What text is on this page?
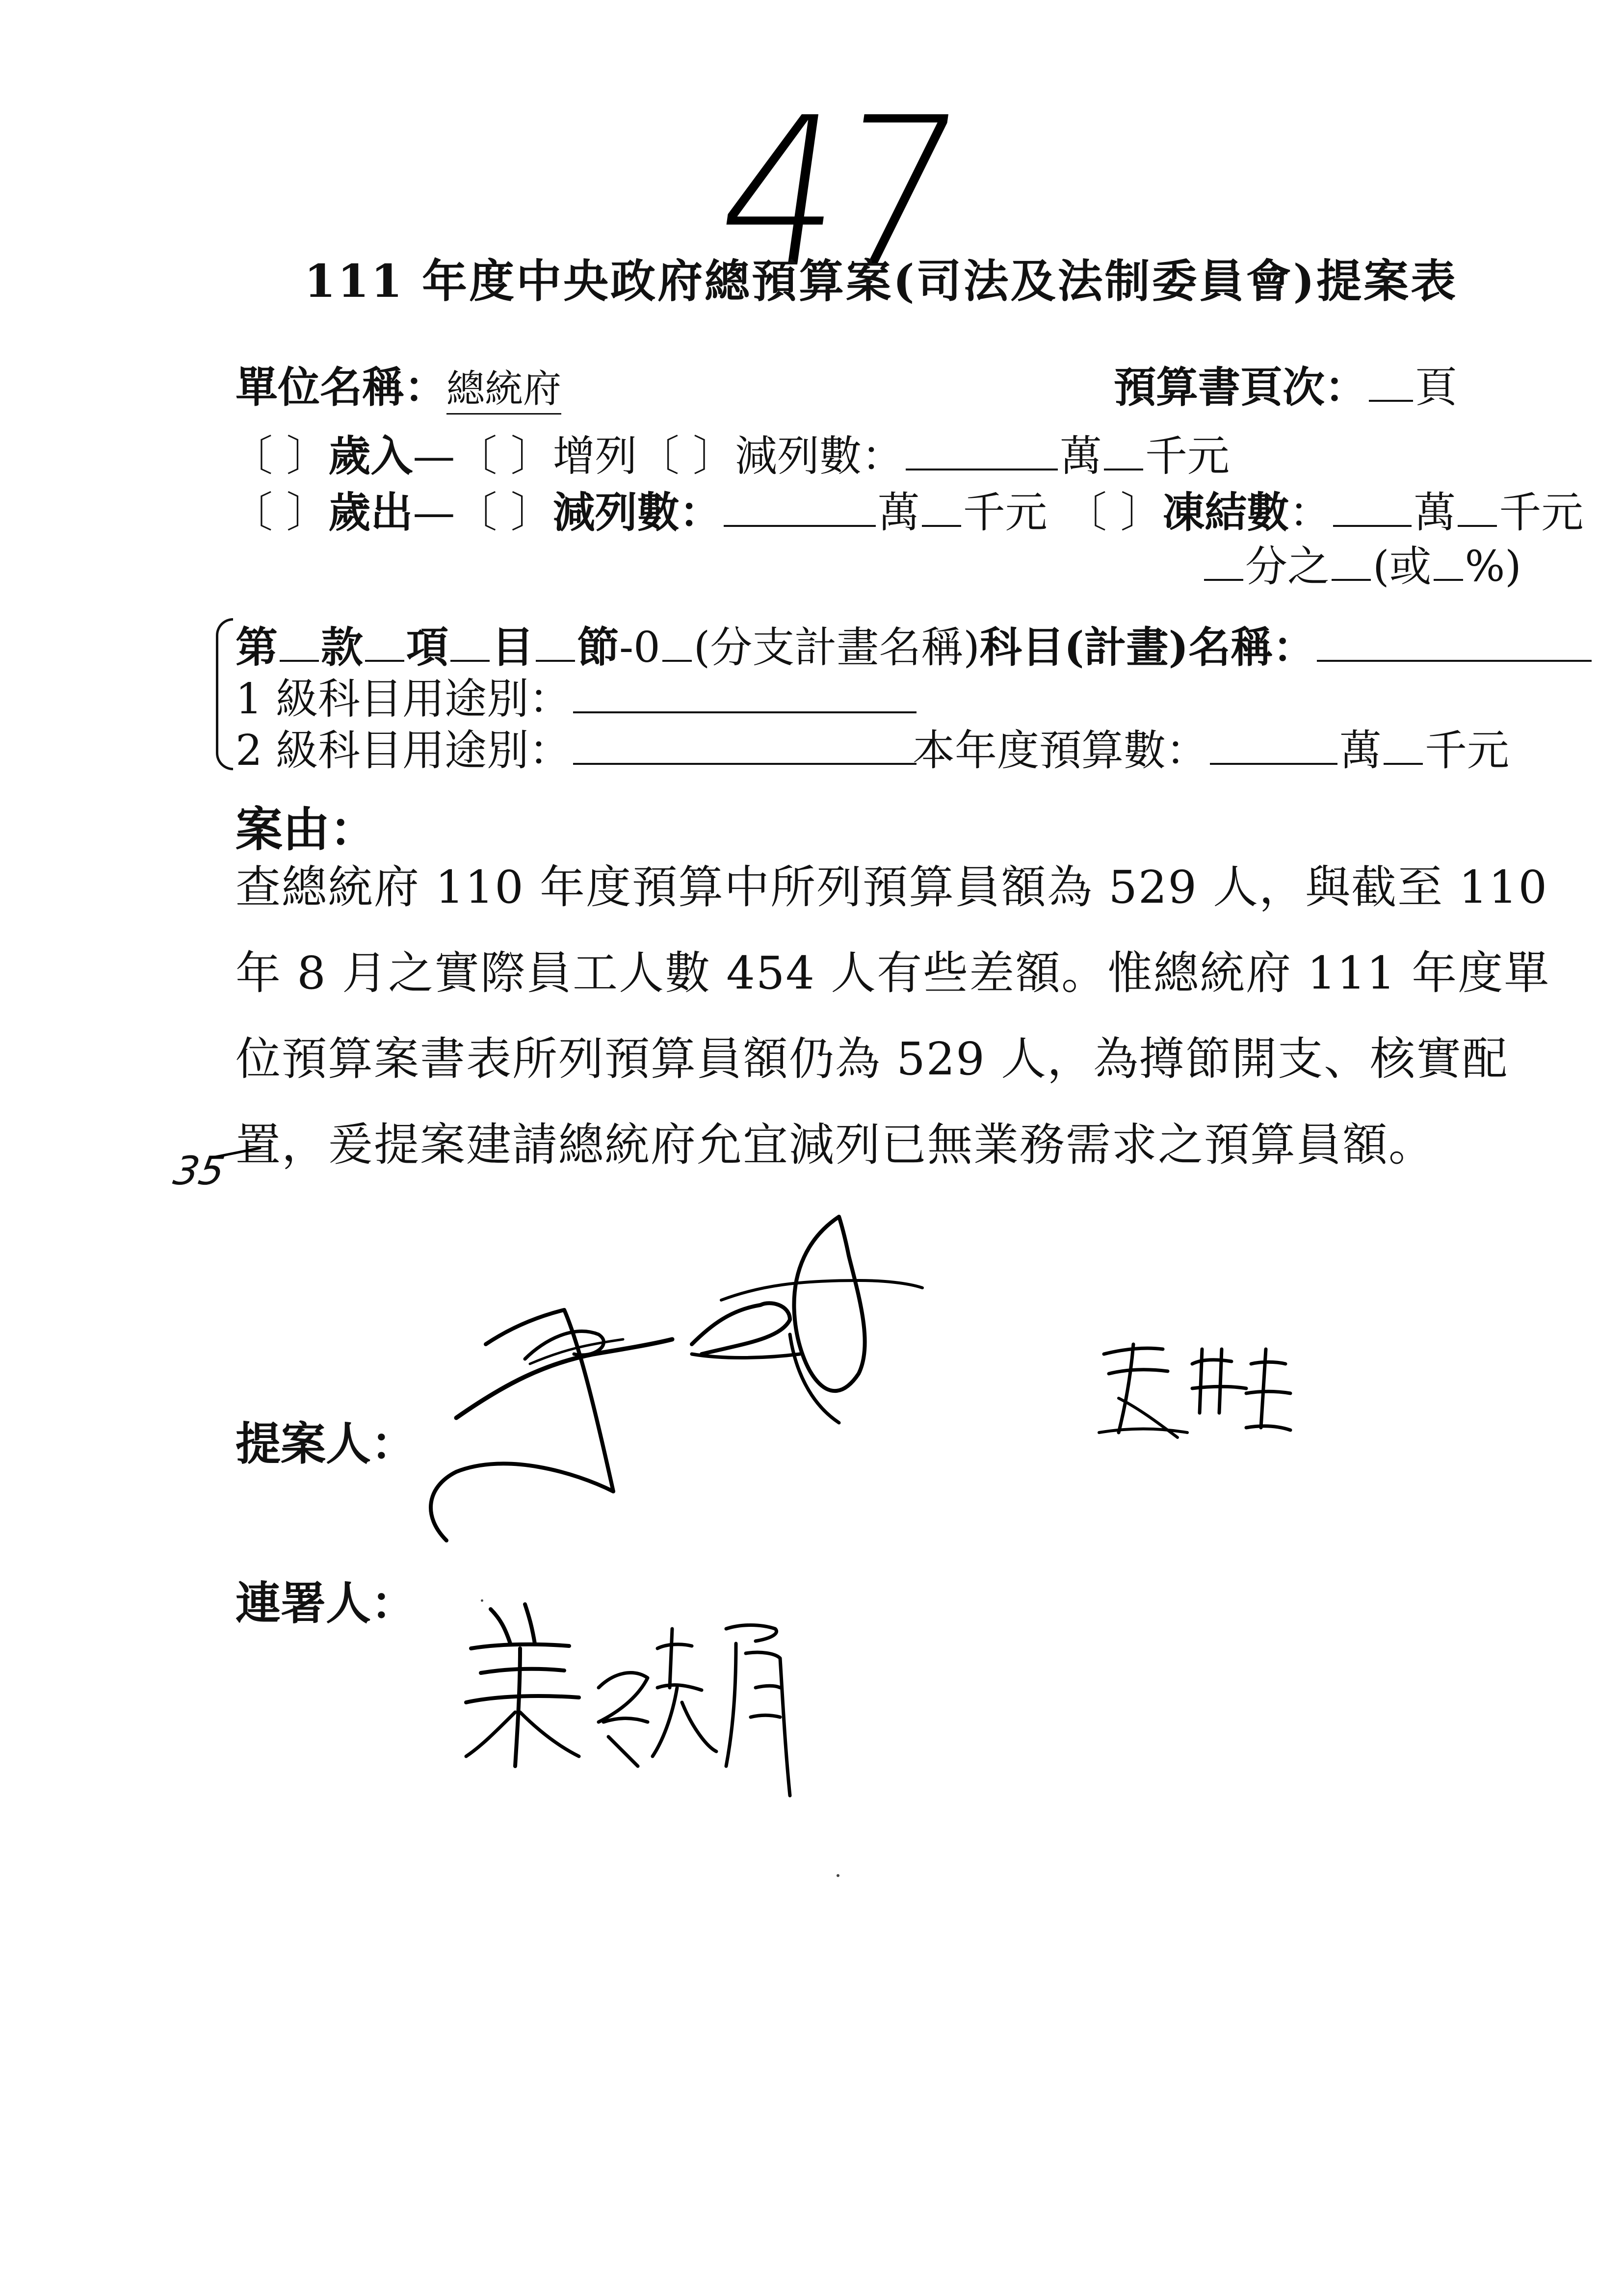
47
111 年度中央政府總預算案(司法及法制委員會)提案表
單位名稱：總統府	預算書頁次： 頁
〔 〕歲入—〔 〕增列〔 〕減列數：	萬 千元
〔 〕歲出—〔 〕減列數：	萬 千元 〔 〕凍結數： 萬 千元
分之 (或 %)
第 款 項 目 節-0 (分支計畫名稱)科目(計畫)名稱：
1 級科目用途別：
2 級科目用途別：	本年度預算數：	萬 千元
案由：
查總統府 110 年度預算中所列預算員額為 529 人，與截至 110
年 8 月之實際員工人數 454 人有些差額。惟總統府 111 年度單
位預算案書表所列預算員額仍為 529 人，為撙節開支、核實配
置，爰提案建請總統府允宜減列已無業務需求之預算員額。
35
提案人：
連署人：
